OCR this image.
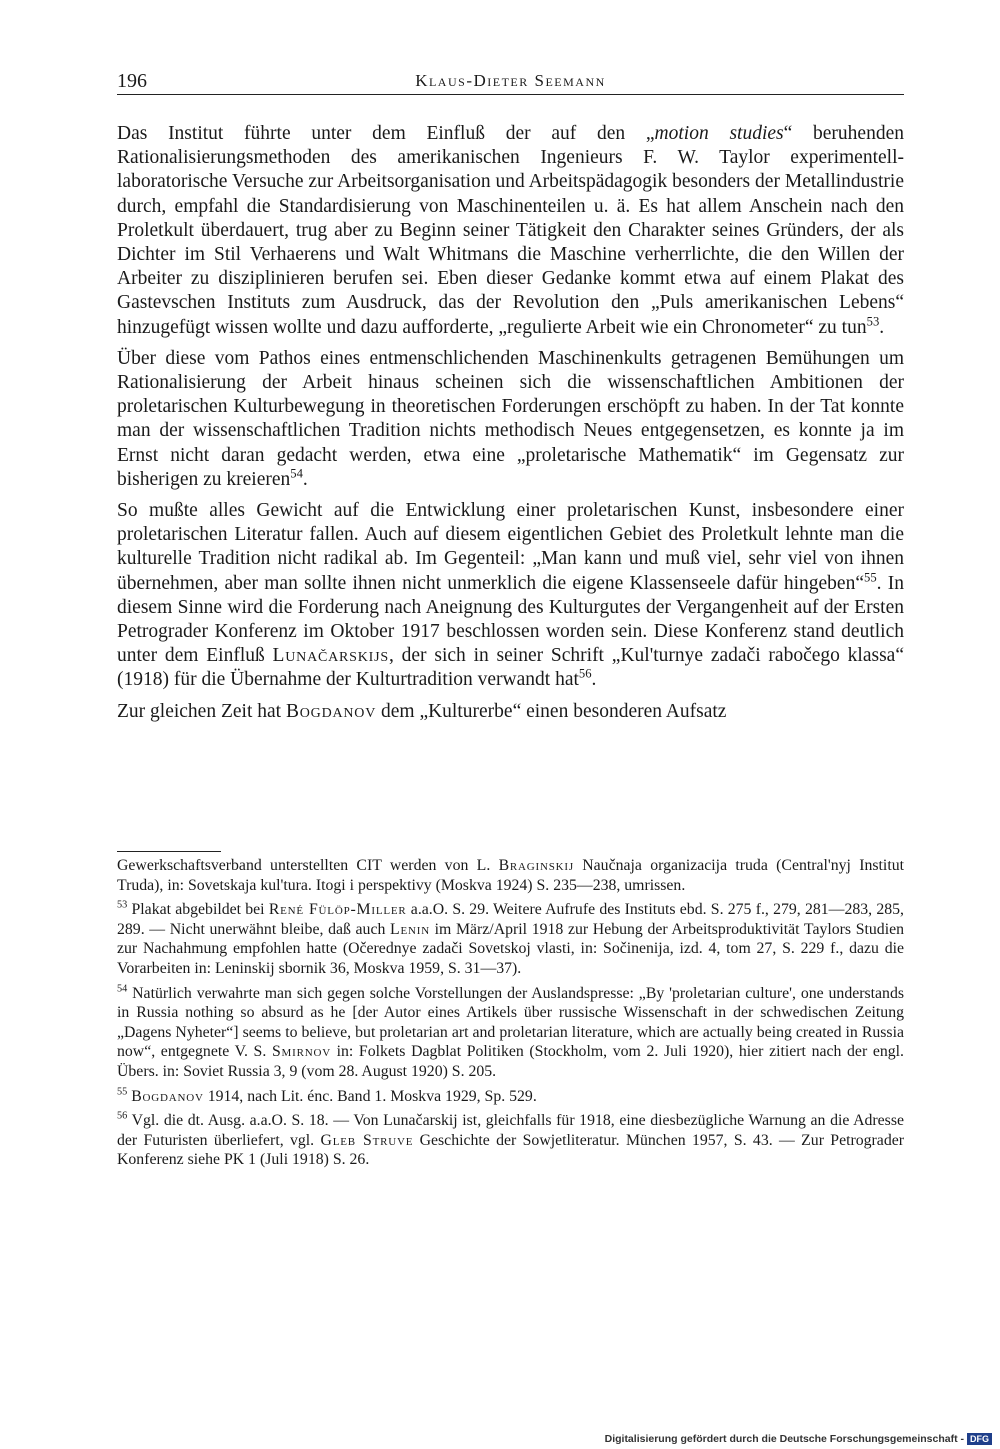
196	Klaus-Dieter Seemann

Das Institut führte unter dem Einfluß der auf den „motion studies“ beruhenden Rationalisierungsmethoden des amerikanischen Ingenieurs F. W. Taylor experimentell-laboratorische Versuche zur Arbeitsorganisation und Arbeitspädagogik besonders der Metallindustrie durch, empfahl die Standardisierung von Maschinenteilen u. ä. Es hat allem Anschein nach den Proletkult überdauert, trug aber zu Beginn seiner Tätigkeit den Charakter seines Gründers, der als Dichter im Stil Verhaerens und Walt Whitmans die Maschine verherrlichte, die den Willen der Arbeiter zu disziplinieren berufen sei. Eben dieser Gedanke kommt etwa auf einem Plakat des Gastevschen Instituts zum Ausdruck, das der Revolution den „Puls amerikanischen Lebens“ hinzugefügt wissen wollte und dazu aufforderte, „regulierte Arbeit wie ein Chronometer“ zu tun$^{53}$.

Über diese vom Pathos eines entmenschlichenden Maschinenkults getragenen Bemühungen um Rationalisierung der Arbeit hinaus scheinen sich die wissenschaftlichen Ambitionen der proletarischen Kulturbewegung in theoretischen Forderungen erschöpft zu haben. In der Tat konnte man der wissenschaftlichen Tradition nichts methodisch Neues entgegensetzen, es konnte ja im Ernst nicht daran gedacht werden, etwa eine „proletarische Mathematik“ im Gegensatz zur bisherigen zu kreieren$^{54}$.

So mußte alles Gewicht auf die Entwicklung einer proletarischen Kunst, insbesondere einer proletarischen Literatur fallen. Auch auf diesem eigentlichen Gebiet des Proletkult lehnte man die kulturelle Tradition nicht radikal ab. Im Gegenteil: „Man kann und muß viel, sehr viel von ihnen übernehmen, aber man sollte ihnen nicht unmerklich die eigene Klassenseele dafür hingeben“$^{55}$. In diesem Sinne wird die Forderung nach Aneignung des Kulturgutes der Vergangenheit auf der Ersten Petrograder Konferenz im Oktober 1917 beschlossen worden sein. Diese Konferenz stand deutlich unter dem Einfluß Lunačarskijs, der sich in seiner Schrift „Kul'turnye zadači rabočego klassa“ (1918) für die Übernahme der Kulturtradition verwandt hat$^{56}$.

Zur gleichen Zeit hat Bogdanov dem „Kulturerbe“ einen besonderen Aufsatz

Gewerkschaftsverband unterstellten CIT werden von L. Braginskij Naučnaja organizacija truda (Central'nyj Institut Truda), in: Sovetskaja kul'tura. Itogi i perspektivy (Moskva 1924) S. 235—238, umrissen.

$^{53}$ Plakat abgebildet bei René Fülöp-Miller a.a.O. S. 29. Weitere Aufrufe des Instituts ebd. S. 275 f., 279, 281—283, 285, 289. — Nicht unerwähnt bleibe, daß auch Lenin im März/April 1918 zur Hebung der Arbeitsproduktivität Taylors Studien zur Nachahmung empfohlen hatte (Očerednye zadači Sovetskoj vlasti, in: Sočinenija, izd. 4, tom 27, S. 229 f., dazu die Vorarbeiten in: Leninskij sbornik 36, Moskva 1959, S. 31—37).

$^{54}$ Natürlich verwahrte man sich gegen solche Vorstellungen der Auslandspresse: „By 'proletarian culture', one understands in Russia nothing so absurd as he [der Autor eines Artikels über russische Wissenschaft in der schwedischen Zeitung „Dagens Nyheter“] seems to believe, but proletarian art and proletarian literature, which are actually being created in Russia now“, entgegnete V. S. Smirnov in: Folkets Dagblat Politiken (Stockholm, vom 2. Juli 1920), hier zitiert nach der engl. Übers. in: Soviet Russia 3, 9 (vom 28. August 1920) S. 205.

$^{55}$ Bogdanov 1914, nach Lit. énc. Band 1. Moskva 1929, Sp. 529.

$^{56}$ Vgl. die dt. Ausg. a.a.O. S. 18. — Von Lunačarskij ist, gleichfalls für 1918, eine diesbezügliche Warnung an die Adresse der Futuristen überliefert, vgl. Gleb Struve Geschichte der Sowjetliteratur. München 1957, S. 43. — Zur Petrograder Konferenz siehe PK 1 (Juli 1918) S. 26.

Digitalisierung gefördert durch die Deutsche Forschungsgemeinschaft - DFG
